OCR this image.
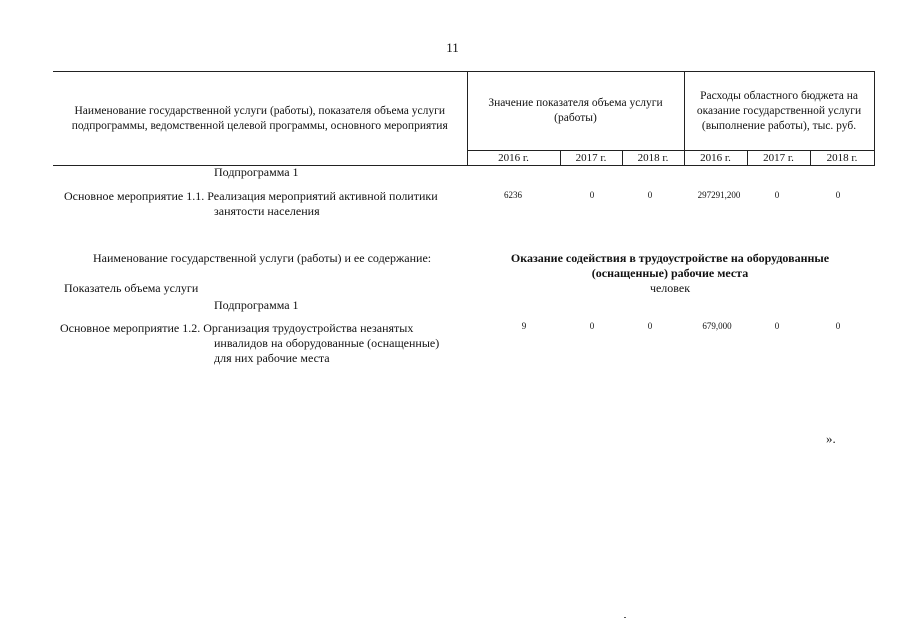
11
Наименование государственной услуги (работы), показателя объема услуги подпрограммы, ведомственной целевой программы, основного мероприятия	Значение показателя объема услуги (работы)			Расходы областного бюджета на оказание государственной услуги (выполнение работы), тыс. руб.		
	2016 г.	2017 г.	2018 г.	2016 г.	2017 г.	2018 г.
Подпрограмма 1
Основное мероприятие 1.1. Реализация мероприятий активной политики
занятости населения
6236	0	0	297291,200	0	0
Наименование государственной услуги (работы) и ее содержание:	Оказание содействия в трудоустройстве на оборудованные
(оснащенные) рабочие места
Показатель объема услуги	человек
Подпрограмма 1
Основное мероприятие 1.2. Организация трудоустройства незанятых
инвалидов на оборудованные (оснащенные)
для них рабочие места
9	0	0	679,000	0	0
».
